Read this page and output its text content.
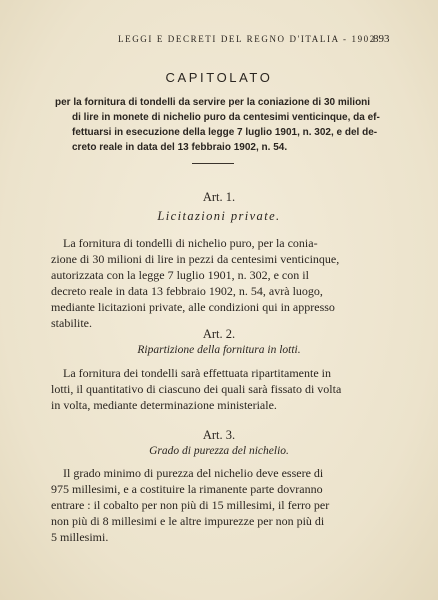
LEGGI E DECRETI DEL REGNO D'ITALIA - 1902
893
CAPITOLATO
per la fornitura di tondelli da servire per la coniazione di 30 milioni
di lire in monete di nichelio puro da centesimi venticinque, da ef-
fettuarsi in esecuzione della legge 7 luglio 1901, n. 302, e del de-
creto reale in data del 13 febbraio 1902, n. 54.
Art. 1.
Licitazioni private.
La fornitura di tondelli di nichelio puro, per la conia-
zione di 30 milioni di lire in pezzi da centesimi venticinque,
autorizzata con la legge 7 luglio 1901, n. 302, e con il
decreto reale in data 13 febbraio 1902, n. 54, avrà luogo,
mediante licitazioni private, alle condizioni qui in appresso
stabilite.
Art. 2.
Ripartizione della fornitura in lotti.
La fornitura dei tondelli sarà effettuata ripartitamente in
lotti, il quantitativo di ciascuno dei quali sarà fissato di volta
in volta, mediante determinazione ministeriale.
Art. 3.
Grado di purezza del nichelio.
Il grado minimo di purezza del nichelio deve essere di
975 millesimi, e a costituire la rimanente parte dovranno
entrare : il cobalto per non più di 15 millesimi, il ferro per
non più di 8 millesimi e le altre impurezze per non più di
5 millesimi.
